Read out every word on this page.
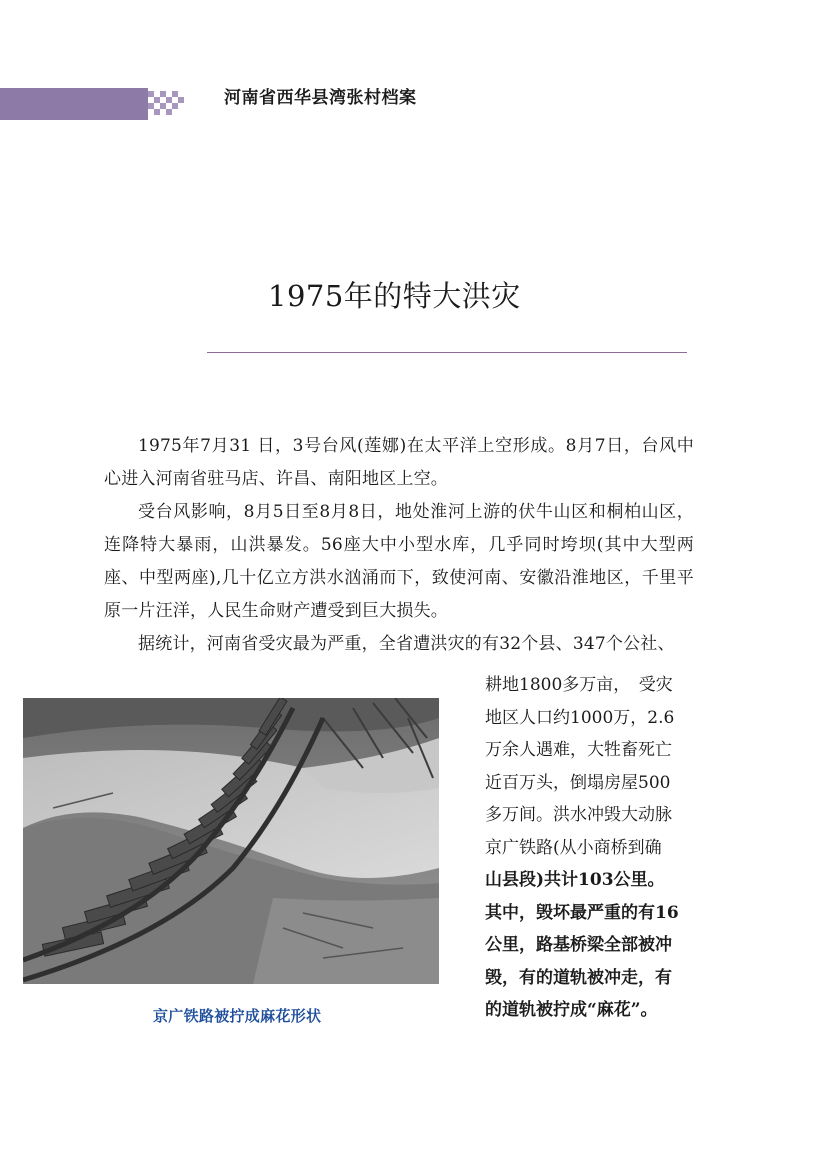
河南省西华县湾张村档案
1975年的特大洪灾

1975年7月31 日，3号台风(莲娜)在太平洋上空形成。8月7日，台风中心进入河南省驻马店、许昌、南阳地区上空。

受台风影响，8月5日至8月8日，地处淮河上游的伏牛山区和桐柏山区，连降特大暴雨，山洪暴发。56座大中小型水库，几乎同时垮坝(其中大型两座、中型两座),几十亿立方洪水汹涌而下，致使河南、安徽沿淮地区，千里平原一片汪洋，人民生命财产遭受到巨大损失。

据统计，河南省受灾最为严重，全省遭洪灾的有32个县、347个公社、

京广铁路被拧成麻花形状
耕地1800多万亩，　受灾
地区人口约1000万，2.6
万余人遇难，大牲畜死亡
近百万头，倒塌房屋500
多万间。洪水冲毁大动脉
京广铁路(从小商桥到确
山县段)共计103公里。
其中，毁坏最严重的有16
公里，路基桥梁全部被冲
毁，有的道轨被冲走，有
的道轨被拧成“麻花”。
